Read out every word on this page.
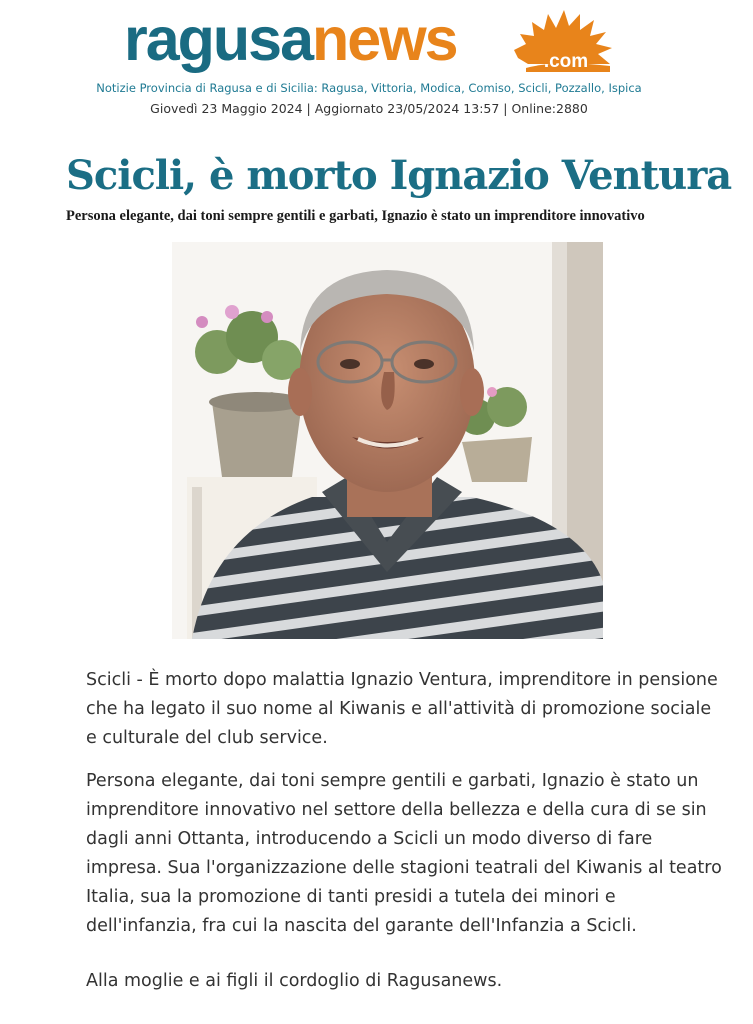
ragusanews	.com
Notizie Provincia di Ragusa e di Sicilia: Ragusa, Vittoria, Modica, Comiso, Scicli, Pozzallo, Ispica
Giovedì 23 Maggio 2024 | Aggiornato 23/05/2024 13:57 | Online:2880
Scicli, è morto Ignazio Ventura
Persona elegante, dai toni sempre gentili e garbati, Ignazio è stato un imprenditore innovativo

Scicli - È morto dopo malattia Ignazio Ventura, imprenditore in pensione che ha legato il suo nome al Kiwanis e all'attività di promozione sociale e culturale del club service.

Persona elegante, dai toni sempre gentili e garbati, Ignazio è stato un imprenditore innovativo nel settore della bellezza e della cura di se sin dagli anni Ottanta, introducendo a Scicli un modo diverso di fare impresa. Sua l'organizzazione delle stagioni teatrali del Kiwanis al teatro Italia, sua la promozione di tanti presidi a tutela dei minori e dell'infanzia, fra cui la nascita del garante dell'Infanzia a Scicli.

Alla moglie e ai figli il cordoglio di Ragusanews.
